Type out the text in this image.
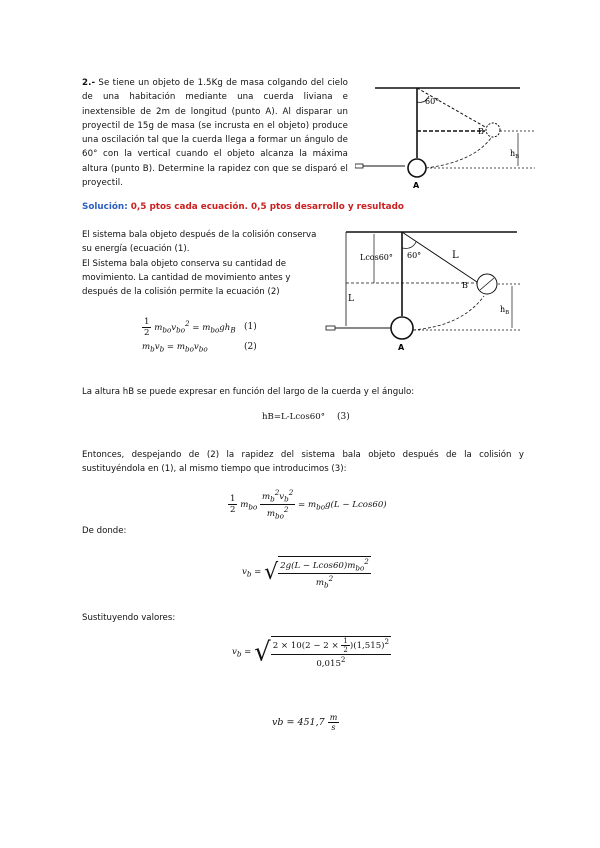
2.- Se tiene un objeto de 1.5Kg de masa colgando del cielo de una habitación mediante una cuerda liviana e inextensible de 2m de longitud (punto A). Al disparar un proyectil de 15g de masa (se incrusta en el objeto) produce una oscilación tal que la cuerda llega a formar un ángulo de 60° con la vertical cuando el objeto alcanza la máxima altura (punto B). Determine la rapidez con que se disparó el proyectil.
60°
A
B
$h_B$
Solución: 0,5 ptos cada ecuación. 0,5 ptos desarrollo y resultado
El sistema bala objeto después de la colisión conserva su energía (ecuación (1).
El Sistema bala objeto conserva su cantidad de movimiento. La cantidad de movimiento antes y después de la colisión permite la ecuación (2)
60°	L
L
Lcos60°
B
A
$h_B$
$\frac{1}{2} m_{bo}v_{bo}^2 = m_{bo}gh_B$ (1)
$m_bv_b = m_{bo}v_{bo}$	(2)
La altura hB se puede expresar en función del largo de la cuerda y el ángulo:
hB=L-Lcos60° (3)
Entonces, despejando de (2) la rapidez del sistema bala objeto después de la colisión y sustituyéndola en (1), al mismo tiempo que introducimos (3):
$\frac{1}{2} m_{bo} \frac{m_b^2v_b^2}{m_{bo}^2} = m_{bo}g(L - Lcos60)$
De donde:
$v_b$ = √ $\frac{2g(L - Lcos60)m_{bo}^2}{m_b^2}$
Sustituyendo valores:
$v_b$ = √ $\frac{2 \times 10(2 - 2 \times \frac{1}{2} )(1,515)^2}{0,015^2}$
vb = $451,7 \frac{m}{s}$
